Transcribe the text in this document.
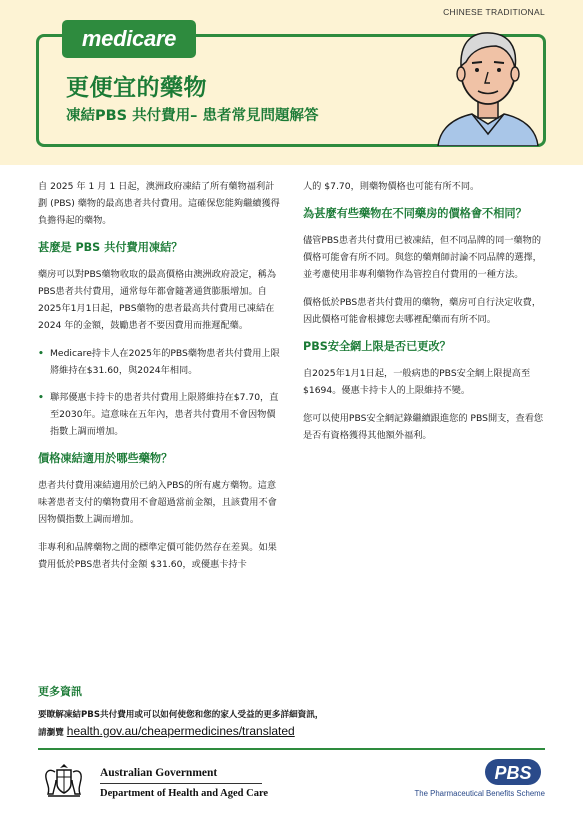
CHINESE TRADITIONAL
medicare
更便宜的藥物
凍結PBS 共付費用– 患者常見問題解答

自 2025 年 1 月 1 日起，澳洲政府凍結了所有藥物福利計劃 (PBS) 藥物的最高患者共付費用。這確保您能夠繼續獲得負擔得起的藥物。

甚麼是 PBS 共付費用凍結？

藥房可以對PBS藥物收取的最高價格由澳洲政府設定，稱為PBS患者共付費用，通常每年都會隨著通貨膨脹增加。自2025年1月1日起，PBS藥物的患者最高共付費用已凍結在 2024 年的金額，鼓勵患者不要因費用而推遲配藥。

• Medicare持卡人在2025年的PBS藥物患者共付費用上限將維持在$31.60，與2024年相同。
• 聯邦優惠卡持卡的患者共付費用上限將維持在$7.70，直至2030年。這意味在五年內，患者共付費用不會因物價指數上調而增加。
價格凍結適用於哪些藥物？

患者共付費用凍結適用於已納入PBS的所有處方藥物。這意味著患者支付的藥物費用不會超過當前金額，且該費用不會因物價指數上調而增加。

非專利和品牌藥物之間的標準定價可能仍然存在差異。如果費用低於PBS患者共付金額 $31.60，或優惠卡持卡

人的 $7.70，則藥物價格也可能有所不同。

為甚麼有些藥物在不同藥房的價格會不相同？

儘管PBS患者共付費用已被凍結，但不同品牌的同一藥物的價格可能會有所不同。與您的藥劑師討論不同品牌的選擇，並考慮使用非專利藥物作為管控自付費用的一種方法。

價格低於PBS患者共付費用的藥物，藥房可自行決定收費，因此價格可能會根據您去哪裡配藥而有所不同。

PBS安全網上限是否已更改？

自2025年1月1日起，一般病患的PBS安全網上限提高至$1694。優惠卡持卡人的上限維持不變。

您可以使用PBS安全網記錄繼續跟進您的 PBS開支，查看您是否有資格獲得其他額外福利。

更多資訊
要瞭解凍結PBS共付費用或可以如何使您和您的家人受益的更多詳細資訊，
請瀏覽 health.gov.au/cheapermedicines/translated
Australian Government
Department of Health and Aged Care
PBS
The Pharmaceutical Benefits Scheme
